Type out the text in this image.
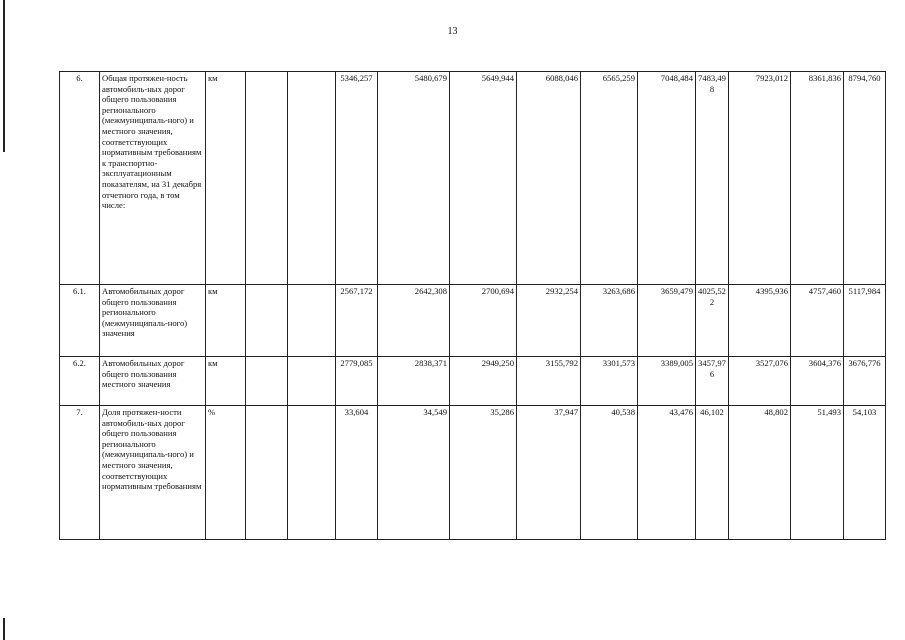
13
6.	Общая протяжен-ность автомобиль-ных дорог общего пользования регионального (межмуниципаль-ного) и местного значения, соответствующих нормативным требованиям к транспортно-эксплуатационным показателям, на 31 декабря отчетного года, в том числе:	км			5346,257	5480,679	5649,944	6088,046	6565,259	7048,484	7483,498	7923,012	8361,836	8794,760
6.1.	Автомобильных дорог общего пользования регионального (межмуниципаль-ного) значения	км			2567,172	2642,308	2700,694	2932,254	3263,686	3659,479	4025,522	4395,936	4757,460	5117,984
6.2.	Автомобильных дорог общего пользования местного значения	км			2779,085	2838,371	2949,250	3155,792	3301,573	3389,005	3457,976	3527,076	3604,376	3676,776
7.	Доля протяжен-ности автомобиль-ных дорог общего пользования регионального (межмуниципаль-ного) и местного значения, соответствующих нормативным требованиям	%			33,604	34,549	35,286	37,947	40,538	43,476	46,102	48,802	51,493	54,103
